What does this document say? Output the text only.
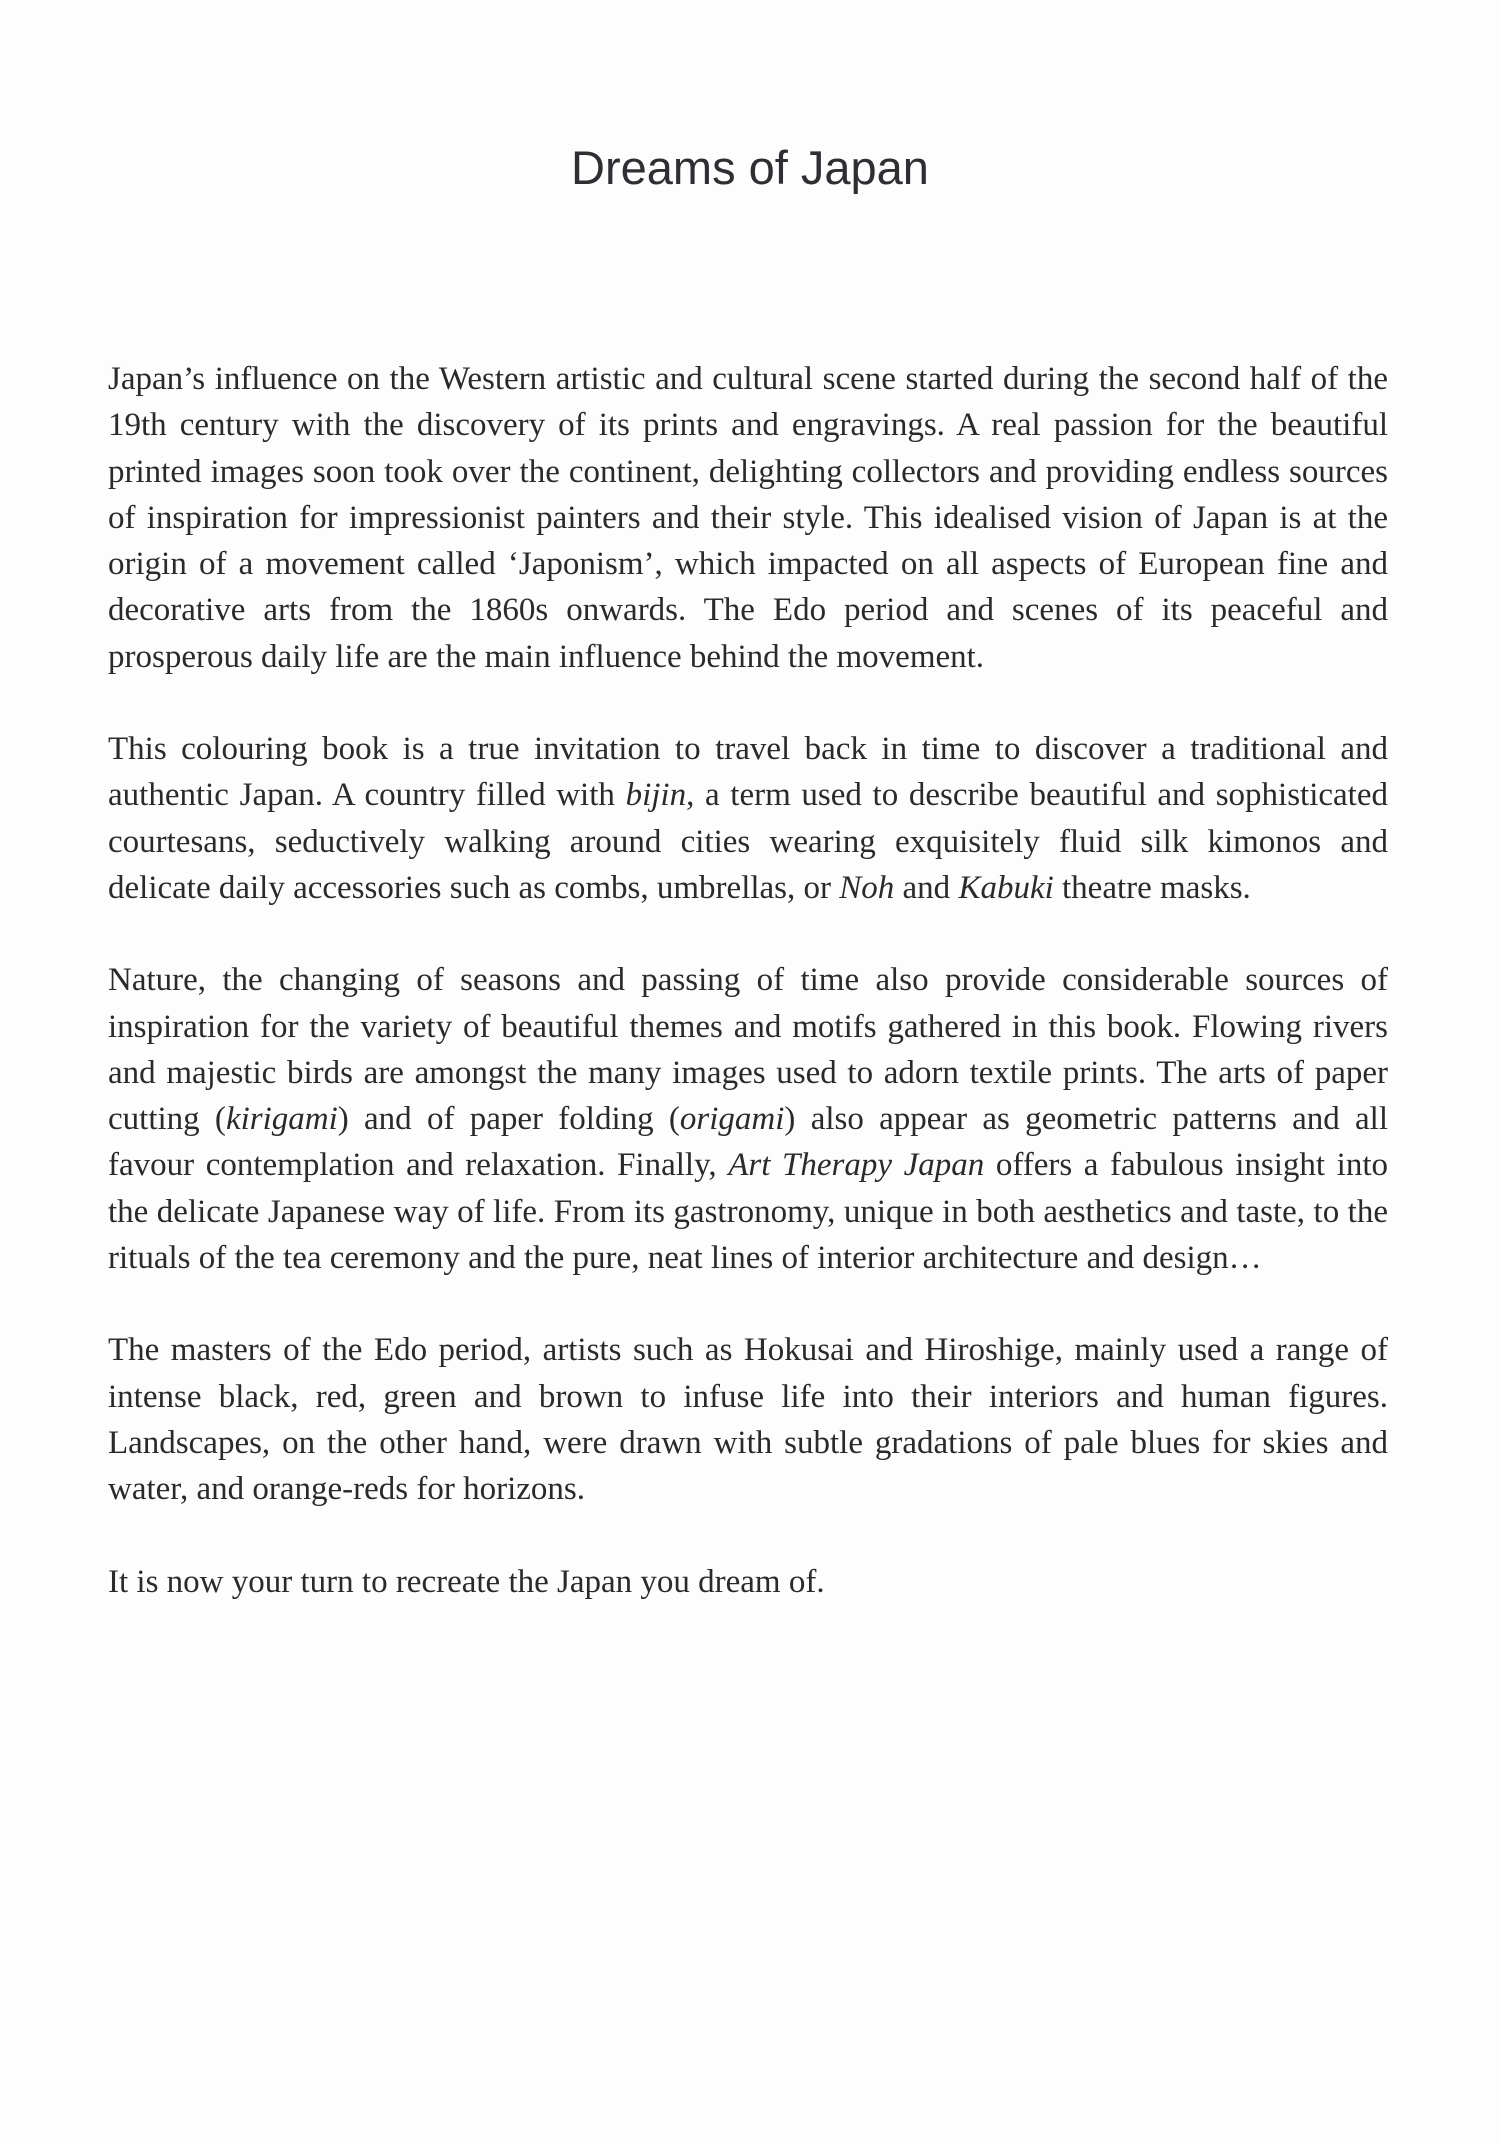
Dreams of Japan

Japan’s influence on the Western artistic and cultural scene started during the second half of the 19th century with the discovery of its prints and engravings. A real passion for the beautiful printed images soon took over the continent, delighting collectors and providing endless sources of inspiration for impressionist painters and their style. This idealised vision of Japan is at the origin of a movement called ‘Japonism’, which impacted on all aspects of European fine and decorative arts from the 1860s onwards. The Edo period and scenes of its peaceful and prosperous daily life are the main influence behind the movement.

This colouring book is a true invitation to travel back in time to discover a traditional and authentic Japan. A country filled with bijin, a term used to describe beautiful and sophisticated courtesans, seductively walking around cities wearing exquisitely fluid silk kimonos and delicate daily accessories such as combs, umbrellas, or Noh and Kabuki theatre masks.

Nature, the changing of seasons and passing of time also provide considerable sources of inspiration for the variety of beautiful themes and motifs gathered in this book. Flowing rivers and majestic birds are amongst the many images used to adorn textile prints. The arts of paper cutting (kirigami) and of paper folding (origami) also appear as geometric patterns and all favour contemplation and relaxation. Finally, Art Therapy Japan offers a fabulous insight into the delicate Japanese way of life. From its gastronomy, unique in both aesthetics and taste, to the rituals of the tea ceremony and the pure, neat lines of interior architecture and design…

The masters of the Edo period, artists such as Hokusai and Hiroshige, mainly used a range of intense black, red, green and brown to infuse life into their interiors and human figures. Landscapes, on the other hand, were drawn with subtle gradations of pale blues for skies and water, and orange-reds for horizons.

It is now your turn to recreate the Japan you dream of.
